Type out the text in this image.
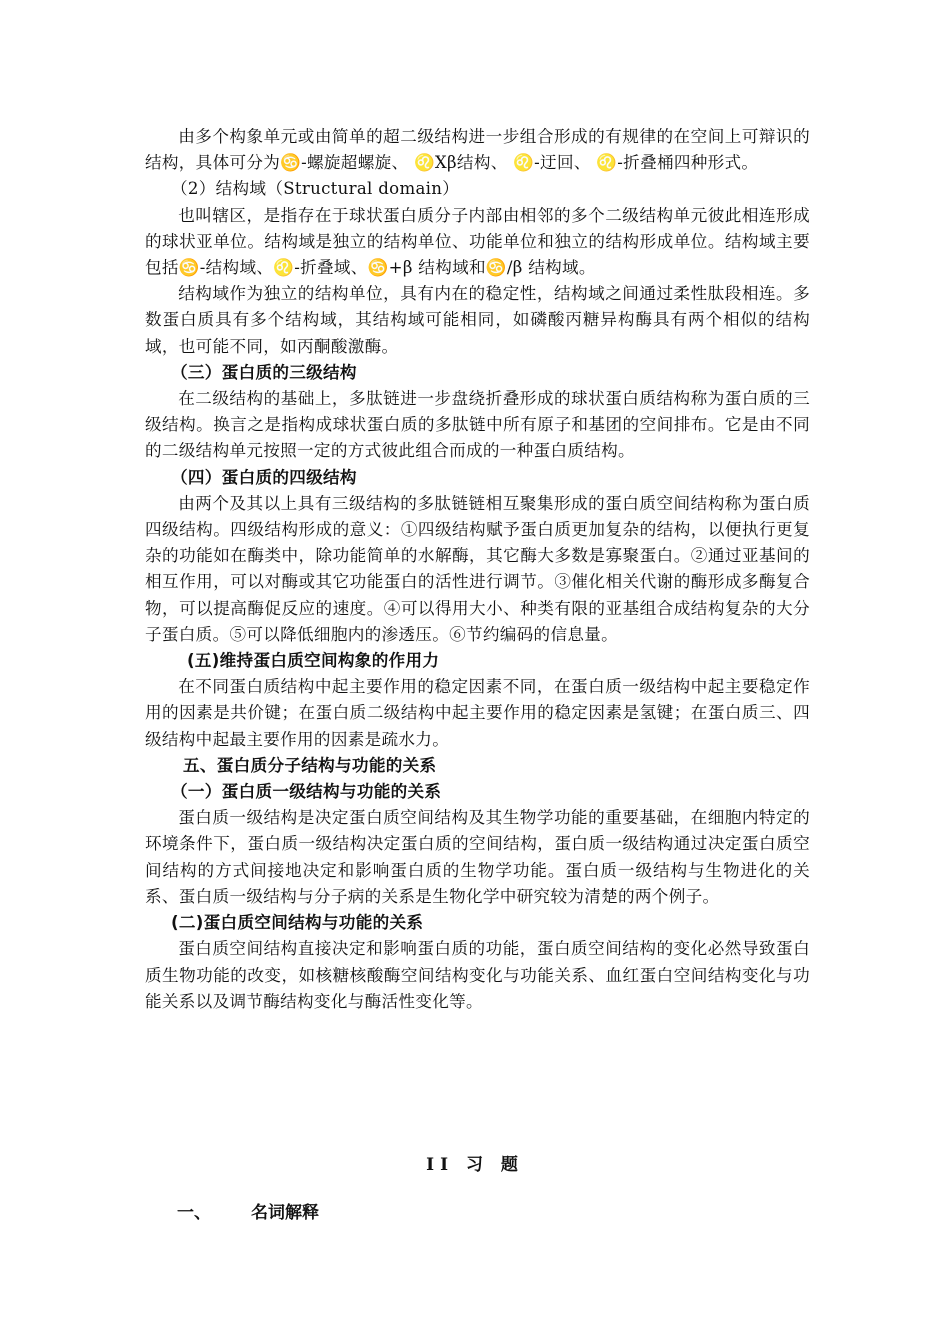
由多个构象单元或由简单的超二级结构进一步组合形成的有规律的在空间上可辩识的结构，具体可分为♋-螺旋超螺旋、 ♌Xβ结构、 ♌-迂回、 ♌-折叠桶四种形式。

（2）结构域（Structural domain）

也叫辖区，是指存在于球状蛋白质分子内部由相邻的多个二级结构单元彼此相连形成的球状亚单位。结构域是独立的结构单位、功能单位和独立的结构形成单位。结构域主要包括♋-结构域、♌-折叠域、♋+β 结构域和♋/β 结构域。

结构域作为独立的结构单位，具有内在的稳定性，结构域之间通过柔性肽段相连。多数蛋白质具有多个结构域，其结构域可能相同，如磷酸丙糖异构酶具有两个相似的结构域，也可能不同，如丙酮酸激酶。

（三）蛋白质的三级结构

在二级结构的基础上，多肽链进一步盘绕折叠形成的球状蛋白质结构称为蛋白质的三级结构。换言之是指构成球状蛋白质的多肽链中所有原子和基团的空间排布。它是由不同的二级结构单元按照一定的方式彼此组合而成的一种蛋白质结构。

（四）蛋白质的四级结构

由两个及其以上具有三级结构的多肽链链相互聚集形成的蛋白质空间结构称为蛋白质四级结构。四级结构形成的意义：①四级结构赋予蛋白质更加复杂的结构，以便执行更复杂的功能如在酶类中，除功能简单的水解酶，其它酶大多数是寡聚蛋白。②通过亚基间的相互作用，可以对酶或其它功能蛋白的活性进行调节。③催化相关代谢的酶形成多酶复合物，可以提高酶促反应的速度。④可以得用大小、种类有限的亚基组合成结构复杂的大分子蛋白质。⑤可以降低细胞内的渗透压。⑥节约编码的信息量。

(五)维持蛋白质空间构象的作用力

在不同蛋白质结构中起主要作用的稳定因素不同，在蛋白质一级结构中起主要稳定作用的因素是共价键；在蛋白质二级结构中起主要作用的稳定因素是氢键；在蛋白质三、四级结构中起最主要作用的因素是疏水力。

五、蛋白质分子结构与功能的关系

（一）蛋白质一级结构与功能的关系

蛋白质一级结构是决定蛋白质空间结构及其生物学功能的重要基础，在细胞内特定的环境条件下，蛋白质一级结构决定蛋白质的空间结构，蛋白质一级结构通过决定蛋白质空间结构的方式间接地决定和影响蛋白质的生物学功能。蛋白质一级结构与生物进化的关系、蛋白质一级结构与分子病的关系是生物化学中研究较为清楚的两个例子。

(二)蛋白质空间结构与功能的关系

蛋白质空间结构直接决定和影响蛋白质的功能，蛋白质空间结构的变化必然导致蛋白质生物功能的改变，如核糖核酸酶空间结构变化与功能关系、血红蛋白空间结构变化与功能关系以及调节酶结构变化与酶活性变化等。

II 习 题
一、 名词解释
